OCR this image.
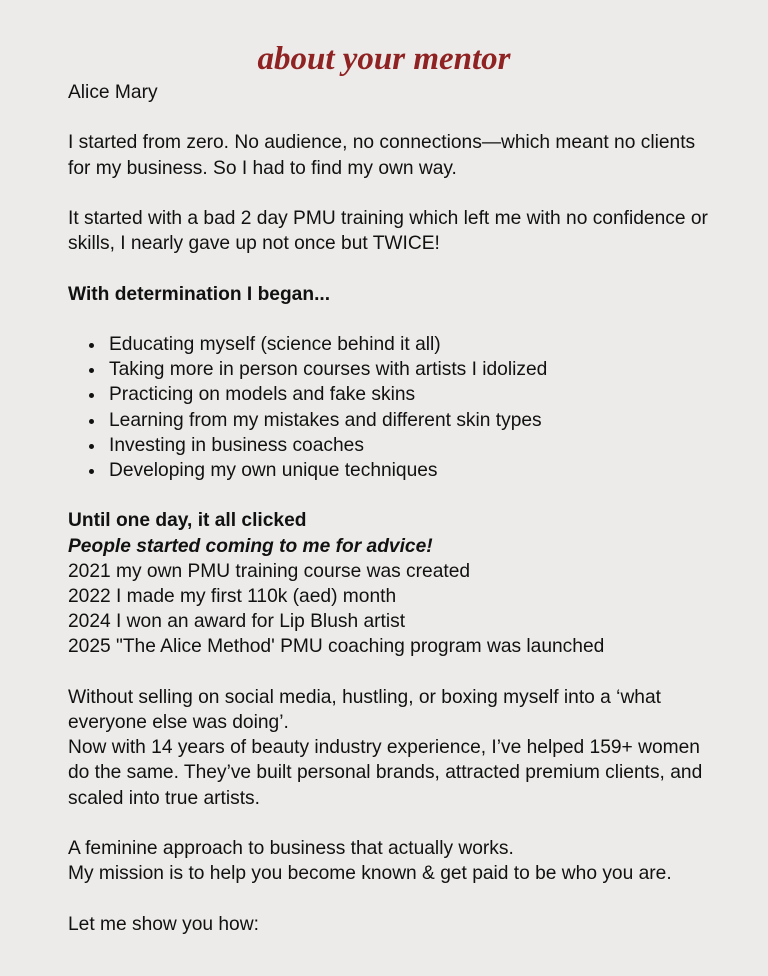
about your mentor

Alice Mary

I started from zero. No audience, no connections—which meant no clients for my business. So I had to find my own way.

It started with a bad 2 day PMU training which left me with no confidence or skills, I nearly gave up not once but TWICE!

With determination I began...

Educating myself (science behind it all)
Taking more in person courses with artists I idolized
Practicing on models and fake skins
Learning from my mistakes and different skin types
Investing in business coaches
Developing my own unique techniques

Until one day, it all clicked

People started coming to me for advice!

2021 my own PMU training course was created

2022 I made my first 110k (aed) month

2024 I won an award for Lip Blush artist

2025 "The Alice Method' PMU coaching program was launched

Without selling on social media, hustling, or boxing myself into a ‘what everyone else was doing’.

Now with 14 years of beauty industry experience, I’ve helped 159+ women do the same. They’ve built personal brands, attracted premium clients, and scaled into true artists.

A feminine approach to business that actually works.

My mission is to help you become known & get paid to be who you are.

Let me show you how:
